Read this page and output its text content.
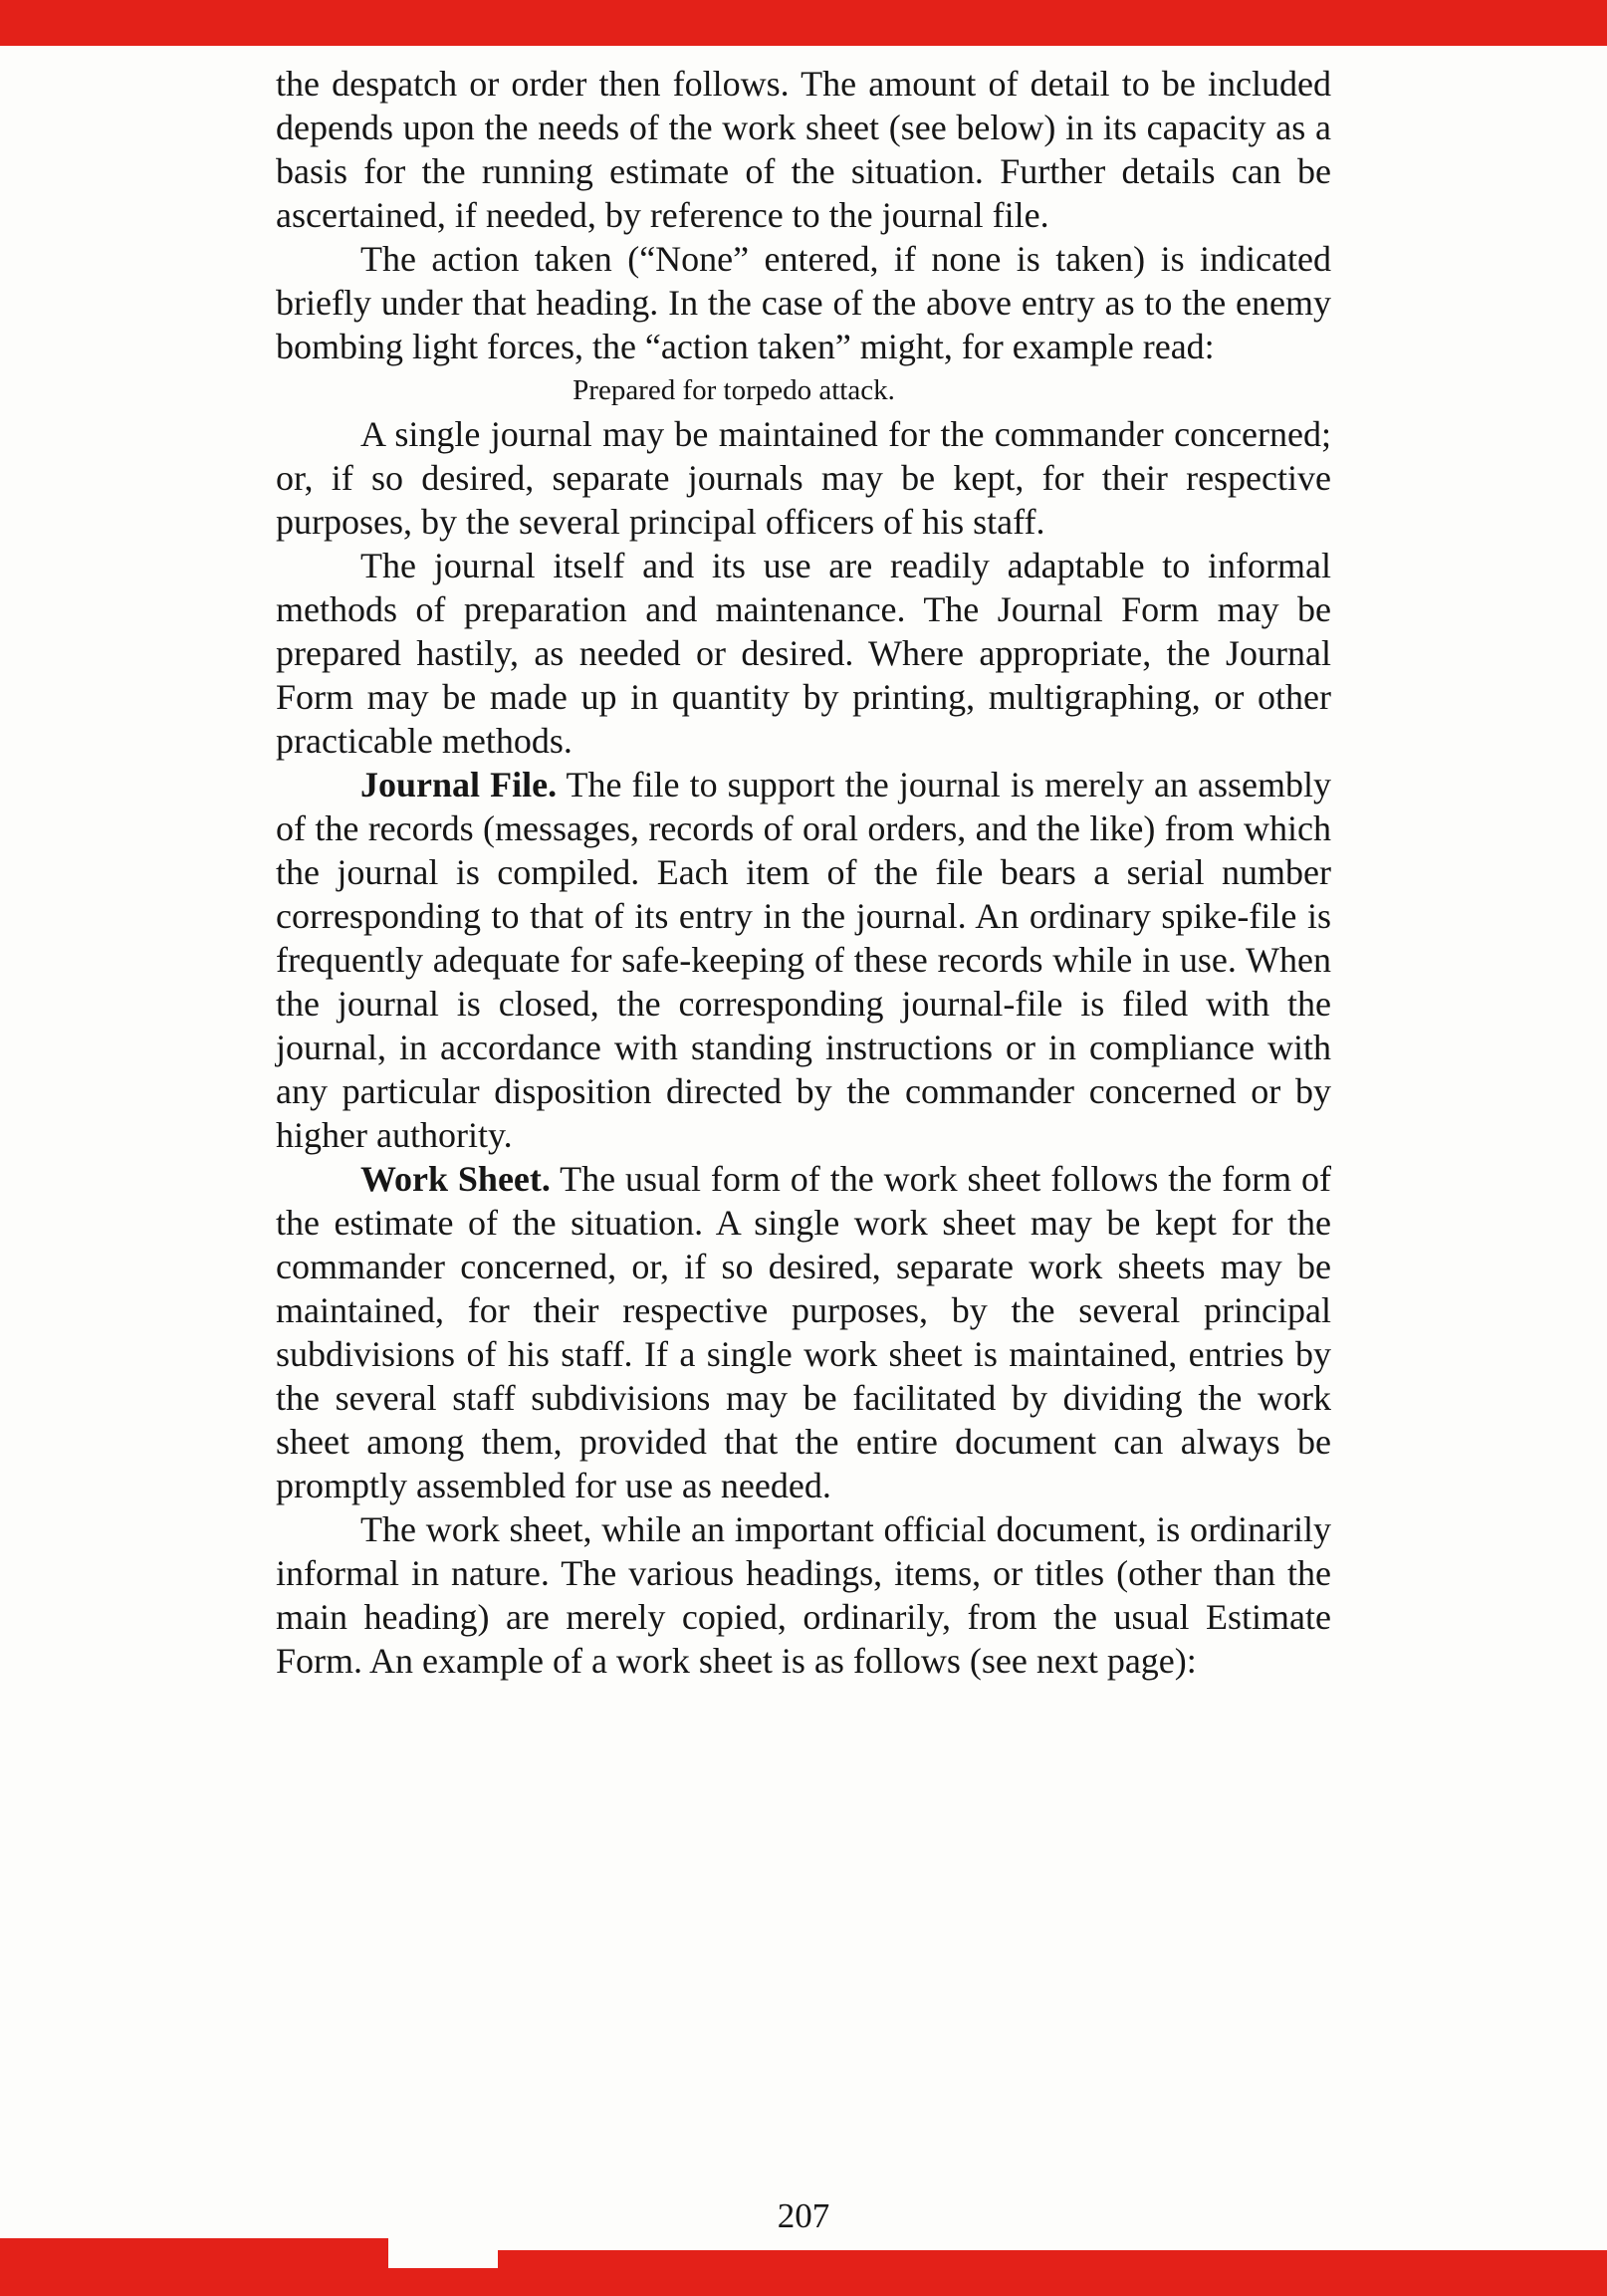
the despatch or order then follows. The amount of detail to be included depends upon the needs of the work sheet (see below) in its capacity as a basis for the running estimate of the situation. Further details can be ascertained, if needed, by reference to the journal file.

The action taken (“None” entered, if none is taken) is indicated briefly under that heading. In the case of the above entry as to the enemy bombing light forces, the “action taken” might, for example read:

Prepared for torpedo attack.

A single journal may be maintained for the commander concerned; or, if so desired, separate journals may be kept, for their respective purposes, by the several principal officers of his staff.

The journal itself and its use are readily adaptable to informal methods of preparation and maintenance. The Journal Form may be prepared hastily, as needed or desired. Where appropriate, the Journal Form may be made up in quantity by printing, multigraphing, or other practicable methods.

Journal File. The file to support the journal is merely an assembly of the records (messages, records of oral orders, and the like) from which the journal is compiled. Each item of the file bears a serial number corresponding to that of its entry in the journal. An ordinary spike-file is frequently adequate for safe-keeping of these records while in use. When the journal is closed, the corresponding journal-file is filed with the journal, in accordance with standing instructions or in compliance with any particular disposition directed by the commander concerned or by higher authority.

Work Sheet. The usual form of the work sheet follows the form of the estimate of the situation. A single work sheet may be kept for the commander concerned, or, if so desired, separate work sheets may be maintained, for their respective purposes, by the several principal subdivisions of his staff. If a single work sheet is maintained, entries by the several staff subdivisions may be facilitated by dividing the work sheet among them, provided that the entire document can always be promptly assembled for use as needed.

The work sheet, while an important official document, is ordinarily informal in nature. The various headings, items, or titles (other than the main heading) are merely copied, ordinarily, from the usual Estimate Form. An example of a work sheet is as follows (see next page):

207
